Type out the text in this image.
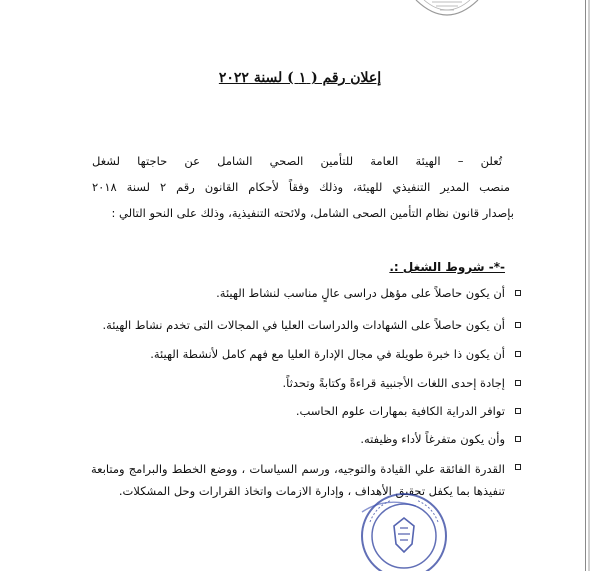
إعلان رقم ( ١ ) لسنة ٢٠٢٢
تُعلن – الهيئة العامة للتأمين الصحي الشامل عن حاجتها لشغل
منصب المدير التنفيذي للهيئة، وذلك وفقاً لأحكام القانون رقم ٢ لسنة ٢٠١٨
بإصدار قانون نظام التأمين الصحى الشامل، ولائحته التنفيذية، وذلك على النحو التالي :
-*- شروط الشغل :.
أن يكون حاصلاً على مؤهل دراسى عالٍ مناسب لنشاط الهيئة.
أن يكون حاصلاً على الشهادات والدراسات العليا في المجالات التى تخدم نشاط الهيئة.
أن يكون ذا خبرة طويلة في مجال الإدارة العليا مع فهم كامل لأنشطة الهيئة.
إجادة إحدى اللغات الأجنبية قراءةً وكتابةً وتحدثاً.
توافر الدراية الكافية بمهارات علوم الحاسب.
وأن يكون متفرغاً لأداء وظيفته.
القدرة الفائقة علي القيادة والتوجيه، ورسم السياسات ، ووضع الخطط والبرامج ومتابعة تنفيذها بما يكفل تحقيق الأهداف ، وإدارة الازمات واتخاذ القرارات وحل المشكلات.
